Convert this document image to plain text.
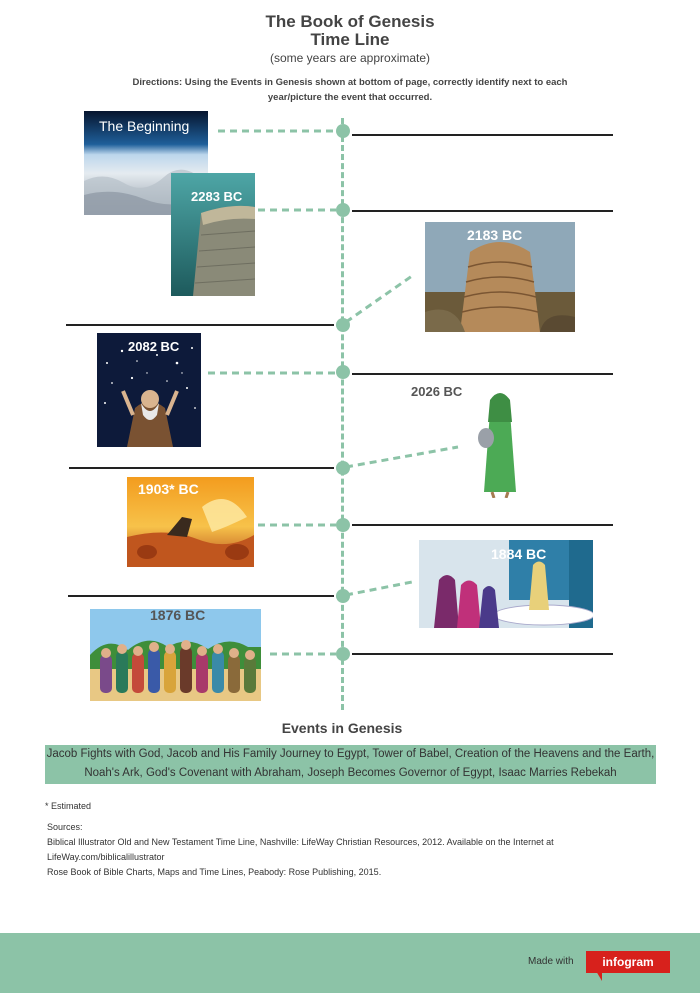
The Book of Genesis
Time Line
(some years are approximate)
Directions: Using the Events in Genesis shown at bottom of page, correctly identify next to each year/picture the event that occurred.
The Beginning
2283 BC
2183 BC
2082 BC
2026 BC
1903* BC
1884 BC
1876 BC
Events in Genesis
Jacob Fights with God, Jacob and His Family Journey to Egypt, Tower of Babel, Creation of the Heavens and the Earth, Noah's Ark, God's Covenant with Abraham, Joseph Becomes Governor of Egypt, Isaac Marries Rebekah
* Estimated
Sources:
Biblical Illustrator Old and New Testament Time Line, Nashville: LifeWay Christian Resources, 2012. Available on the Internet at LifeWay.com/biblicalillustrator
Rose Book of Bible Charts, Maps and Time Lines, Peabody: Rose Publishing, 2015.
Made with	infogram
